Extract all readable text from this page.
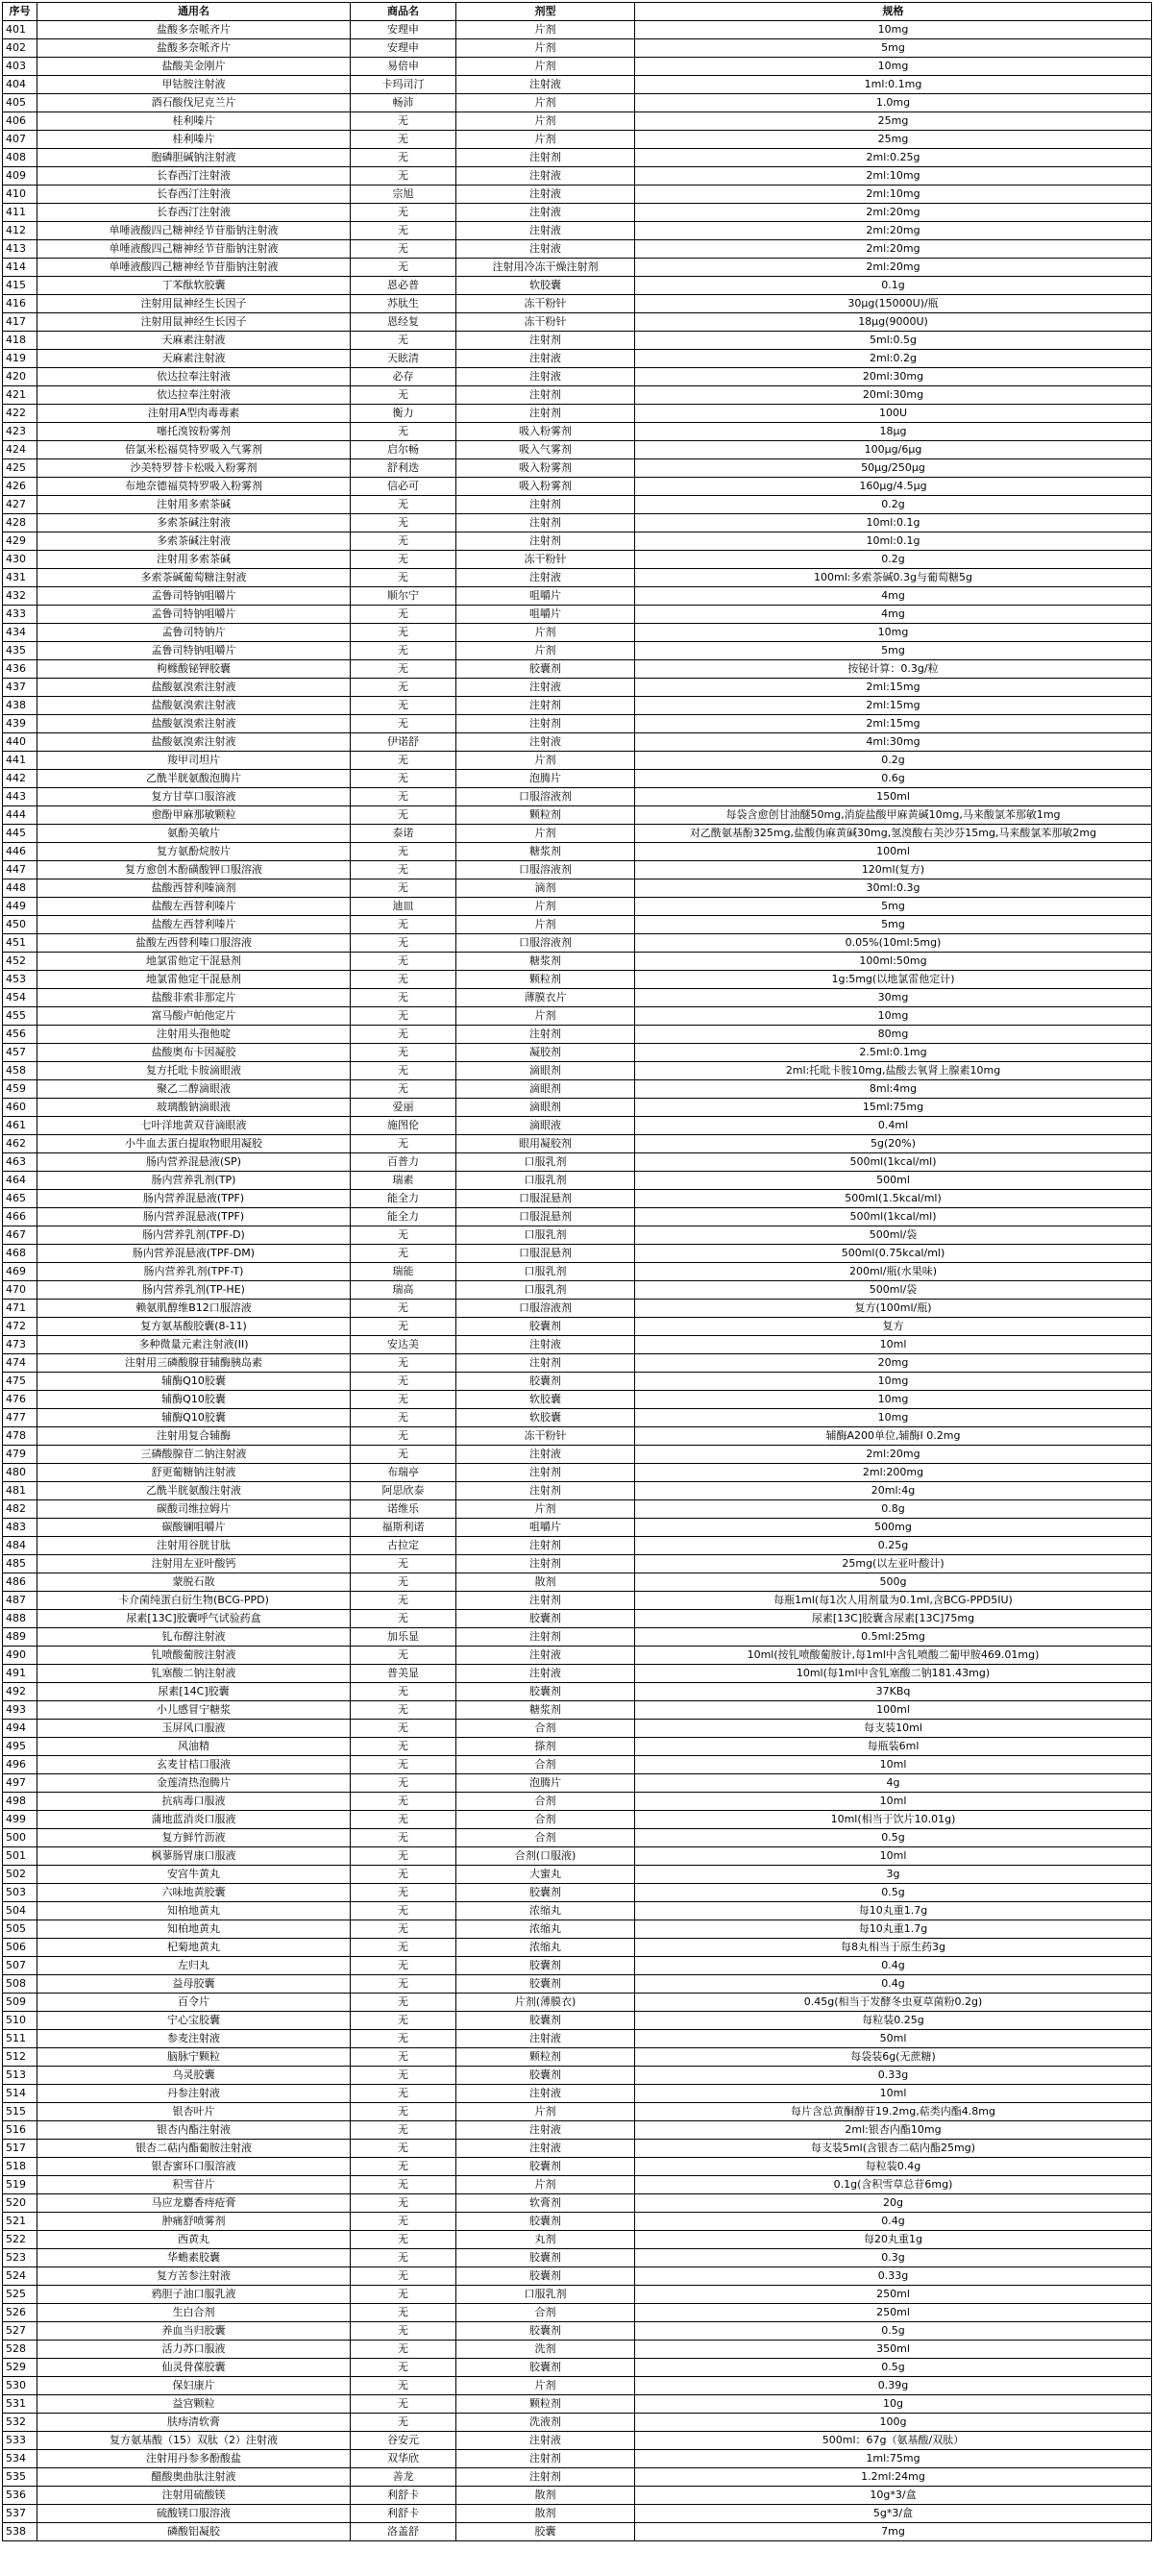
序号	通用名	商品名	剂型	规格
401	盐酸多奈哌齐片	安理申	片剂	10mg
402	盐酸多奈哌齐片	安理申	片剂	5mg
403	盐酸美金刚片	易倍申	片剂	10mg
404	甲钴胺注射液	卡玛司汀	注射液	1ml:0.1mg
405	酒石酸伐尼克兰片	畅沛	片剂	1.0mg
406	桂利嗪片	无	片剂	25mg
407	桂利嗪片	无	片剂	25mg
408	胞磷胆碱钠注射液	无	注射剂	2ml:0.25g
409	长春西汀注射液	无	注射液	2ml:10mg
410	长春西汀注射液	宗旭	注射液	2ml:10mg
411	长春西汀注射液	无	注射液	2ml:20mg
412	单唾液酸四己糖神经节苷脂钠注射液	无	注射液	2ml:20mg
413	单唾液酸四己糖神经节苷脂钠注射液	无	注射液	2ml:20mg
414	单唾液酸四己糖神经节苷脂钠注射液	无	注射用冷冻干燥注射剂	2ml:20mg
415	丁苯酞软胶囊	恩必普	软胶囊	0.1g
416	注射用鼠神经生长因子	苏肽生	冻干粉针	30μg(15000U)/瓶
417	注射用鼠神经生长因子	恩经复	冻干粉针	18μg(9000U)
418	天麻素注射液	无	注射剂	5ml:0.5g
419	天麻素注射液	天眩清	注射液	2ml:0.2g
420	依达拉奉注射液	必存	注射液	20ml:30mg
421	依达拉奉注射液	无	注射剂	20ml:30mg
422	注射用A型肉毒毒素	衡力	注射剂	100U
423	噻托溴铵粉雾剂	无	吸入粉雾剂	18μg
424	倍氯米松福莫特罗吸入气雾剂	启尔畅	吸入气雾剂	100μg/6μg
425	沙美特罗替卡松吸入粉雾剂	舒利迭	吸入粉雾剂	50μg/250μg
426	布地奈德福莫特罗吸入粉雾剂	信必可	吸入粉雾剂	160μg/4.5μg
427	注射用多索茶碱	无	注射剂	0.2g
428	多索茶碱注射液	无	注射剂	10ml:0.1g
429	多索茶碱注射液	无	注射剂	10ml:0.1g
430	注射用多索茶碱	无	冻干粉针	0.2g
431	多索茶碱葡萄糖注射液	无	注射液	100ml:多索茶碱0.3g与葡萄糖5g
432	孟鲁司特钠咀嚼片	顺尔宁	咀嚼片	4mg
433	孟鲁司特钠咀嚼片	无	咀嚼片	4mg
434	孟鲁司特钠片	无	片剂	10mg
435	孟鲁司特钠咀嚼片	无	片剂	5mg
436	枸橼酸铋钾胶囊	无	胶囊剂	按铋计算：0.3g/粒
437	盐酸氨溴索注射液	无	注射液	2ml:15mg
438	盐酸氨溴索注射液	无	注射剂	2ml:15mg
439	盐酸氨溴索注射液	无	注射剂	2ml:15mg
440	盐酸氨溴索注射液	伊诺舒	注射液	4ml:30mg
441	羧甲司坦片	无	片剂	0.2g
442	乙酰半胱氨酸泡腾片	无	泡腾片	0.6g
443	复方甘草口服溶液	无	口服溶液剂	150ml
444	愈酚甲麻那敏颗粒	无	颗粒剂	每袋含愈创甘油醚50mg,消旋盐酸甲麻黄碱10mg,马来酸氯苯那敏1mg
445	氨酚美敏片	泰诺	片剂	对乙酰氨基酚325mg,盐酸伪麻黄碱30mg,氢溴酸右美沙芬15mg,马来酸氯苯那敏2mg
446	复方氨酚烷胺片	无	糖浆剂	100ml
447	复方愈创木酚磺酸钾口服溶液	无	口服溶液剂	120ml(复方)
448	盐酸西替利嗪滴剂	无	滴剂	30ml:0.3g
449	盐酸左西替利嗪片	迪皿	片剂	5mg
450	盐酸左西替利嗪片	无	片剂	5mg
451	盐酸左西替利嗪口服溶液	无	口服溶液剂	0.05%(10ml:5mg)
452	地氯雷他定干混悬剂	无	糖浆剂	100ml:50mg
453	地氯雷他定干混悬剂	无	颗粒剂	1g:5mg(以地氯雷他定计)
454	盐酸非索非那定片	无	薄膜衣片	30mg
455	富马酸卢帕他定片	无	片剂	10mg
456	注射用头孢他啶	无	注射剂	80mg
457	盐酸奥布卡因凝胶	无	凝胶剂	2.5ml:0.1mg
458	复方托吡卡胺滴眼液	无	滴眼剂	2ml:托吡卡胺10mg,盐酸去氧肾上腺素10mg
459	聚乙二醇滴眼液	无	滴眼剂	8ml:4mg
460	玻璃酸钠滴眼液	爱丽	滴眼剂	15ml:75mg
461	七叶洋地黄双苷滴眼液	施图伦	滴眼液	0.4ml
462	小牛血去蛋白提取物眼用凝胶	无	眼用凝胶剂	5g(20%)
463	肠内营养混悬液(SP)	百普力	口服乳剂	500ml(1kcal/ml)
464	肠内营养乳剂(TP)	瑞素	口服乳剂	500ml
465	肠内营养混悬液(TPF)	能全力	口服混悬剂	500ml(1.5kcal/ml)
466	肠内营养混悬液(TPF)	能全力	口服混悬剂	500ml(1kcal/ml)
467	肠内营养乳剂(TPF-D)	无	口服乳剂	500ml/袋
468	肠内营养混悬液(TPF-DM)	无	口服混悬剂	500ml(0.75kcal/ml)
469	肠内营养乳剂(TPF-T)	瑞能	口服乳剂	200ml/瓶(水果味)
470	肠内营养乳剂(TP-HE)	瑞高	口服乳剂	500ml/袋
471	赖氨肌醇维B12口服溶液	无	口服溶液剂	复方(100ml/瓶)
472	复方氨基酸胶囊(8-11)	无	胶囊剂	复方
473	多种微量元素注射液(II)	安达美	注射液	10ml
474	注射用三磷酸腺苷辅酶胰岛素	无	注射剂	20mg
475	辅酶Q10胶囊	无	胶囊剂	10mg
476	辅酶Q10胶囊	无	软胶囊	10mg
477	辅酶Q10胶囊	无	软胶囊	10mg
478	注射用复合辅酶	无	冻干粉针	辅酶A200单位,辅酶I 0.2mg
479	三磷酸腺苷二钠注射液	无	注射液	2ml:20mg
480	舒更葡糖钠注射液	布瑞亭	注射剂	2ml:200mg
481	乙酰半胱氨酸注射液	阿思欣泰	注射剂	20ml:4g
482	碳酸司维拉姆片	诺维乐	片剂	0.8g
483	碳酸镧咀嚼片	福斯利诺	咀嚼片	500mg
484	注射用谷胱甘肽	古拉定	注射剂	0.25g
485	注射用左亚叶酸钙	无	注射剂	25mg(以左亚叶酸计)
486	蒙脱石散	无	散剂	500g
487	卡介菌纯蛋白衍生物(BCG-PPD)	无	注射剂	每瓶1ml(每1次人用剂量为0.1ml,含BCG-PPD5IU)
488	尿素[13C]胶囊呼气试验药盒	无	胶囊剂	尿素[13C]胶囊含尿素[13C]75mg
489	钆布醇注射液	加乐显	注射剂	0.5ml:25mg
490	钆喷酸葡胺注射液	无	注射液	10ml(按钆喷酸葡胺计,每1ml中含钆喷酸二葡甲胺469.01mg)
491	钆塞酸二钠注射液	普美显	注射液	10ml(每1ml中含钆塞酸二钠181.43mg)
492	尿素[14C]胶囊	无	胶囊剂	37KBq
493	小儿感冒宁糖浆	无	糖浆剂	100ml
494	玉屏风口服液	无	合剂	每支装10ml
495	风油精	无	搽剂	每瓶装6ml
496	玄麦甘桔口服液	无	合剂	10ml
497	金莲清热泡腾片	无	泡腾片	4g
498	抗病毒口服液	无	合剂	10ml
499	蒲地蓝消炎口服液	无	合剂	10ml(相当于饮片10.01g)
500	复方鲜竹沥液	无	合剂	0.5g
501	枫蓼肠胃康口服液	无	合剂(口服液)	10ml
502	安宫牛黄丸	无	大蜜丸	3g
503	六味地黄胶囊	无	胶囊剂	0.5g
504	知柏地黄丸	无	浓缩丸	每10丸重1.7g
505	知柏地黄丸	无	浓缩丸	每10丸重1.7g
506	杞菊地黄丸	无	浓缩丸	每8丸相当于原生药3g
507	左归丸	无	胶囊剂	0.4g
508	益母胶囊	无	胶囊剂	0.4g
509	百令片	无	片剂(薄膜衣)	0.45g(相当于发酵冬虫夏草菌粉0.2g)
510	宁心宝胶囊	无	胶囊剂	每粒装0.25g
511	参麦注射液	无	注射液	50ml
512	脑脉宁颗粒	无	颗粒剂	每袋装6g(无蔗糖)
513	乌灵胶囊	无	胶囊剂	0.33g
514	丹参注射液	无	注射液	10ml
515	银杏叶片	无	片剂	每片含总黄酮醇苷19.2mg,萜类内酯4.8mg
516	银杏内酯注射液	无	注射液	2ml:银杏内酯10mg
517	银杏二萜内酯葡胺注射液	无	注射液	每支装5ml(含银杏二萜内酯25mg)
518	银杏蜜环口服溶液	无	胶囊剂	每粒装0.4g
519	积雪苷片	无	片剂	0.1g(含积雪草总苷6mg)
520	马应龙麝香痔疮膏	无	软膏剂	20g
521	肿痛舒喷雾剂	无	胶囊剂	0.4g
522	西黄丸	无	丸剂	每20丸重1g
523	华蟾素胶囊	无	胶囊剂	0.3g
524	复方苦参注射液	无	胶囊剂	0.33g
525	鸦胆子油口服乳液	无	口服乳剂	250ml
526	生白合剂	无	合剂	250ml
527	养血当归胶囊	无	胶囊剂	0.5g
528	活力苏口服液	无	洗剂	350ml
529	仙灵骨葆胶囊	无	胶囊剂	0.5g
530	保妇康片	无	片剂	0.39g
531	益宫颗粒	无	颗粒剂	10g
532	肤痔清软膏	无	洗液剂	100g
533	复方氨基酸（15）双肽（2）注射液	谷安元	注射液	500ml：67g（氨基酸/双肽）
534	注射用丹参多酚酸盐	双华欣	注射剂	1ml:75mg
535	醋酸奥曲肽注射液	善龙	注射剂	1.2ml:24mg
536	注射用硫酸镁	利舒卡	散剂	10g*3/盒
537	硫酸镁口服溶液	利舒卡	散剂	5g*3/盒
538	磷酸铝凝胶	洛盖舒	胶囊	7mg
